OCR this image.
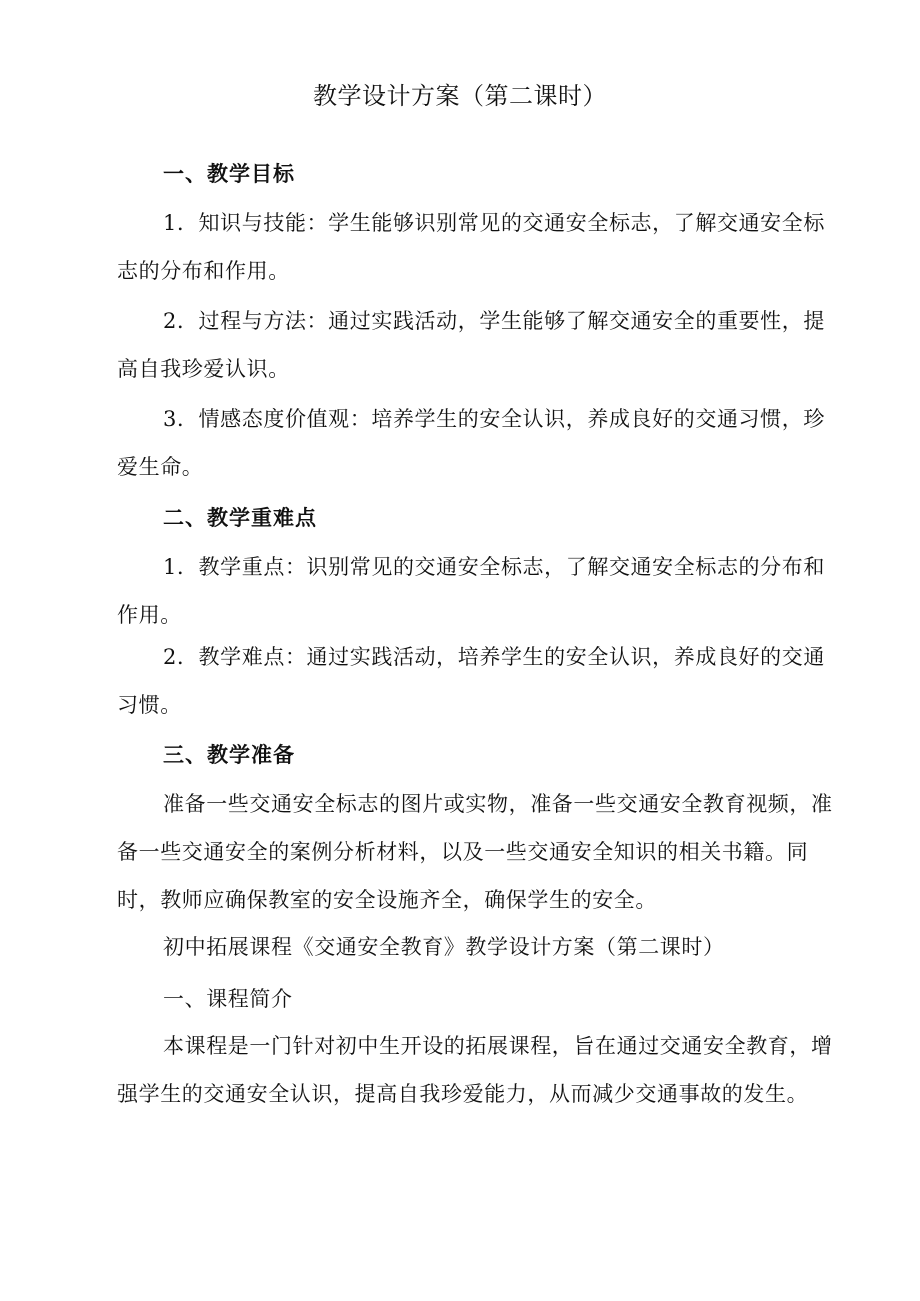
教学设计方案（第二课时）
一、教学目标

1．知识与技能：学生能够识别常见的交通安全标志，了解交通安全标志的分布和作用。

2．过程与方法：通过实践活动，学生能够了解交通安全的重要性，提高自我珍爱认识。

3．情感态度价值观：培养学生的安全认识，养成良好的交通习惯，珍爱生命。

二、教学重难点

1．教学重点：识别常见的交通安全标志，了解交通安全标志的分布和作用。

2．教学难点：通过实践活动，培养学生的安全认识，养成良好的交通习惯。

三、教学准备

准备一些交通安全标志的图片或实物，准备一些交通安全教育视频，准备一些交通安全的案例分析材料，以及一些交通安全知识的相关书籍。同时，教师应确保教室的安全设施齐全，确保学生的安全。

初中拓展课程《交通安全教育》教学设计方案（第二课时）
一、课程简介

本课程是一门针对初中生开设的拓展课程，旨在通过交通安全教育，增强学生的交通安全认识，提高自我珍爱能力，从而减少交通事故的发生。
